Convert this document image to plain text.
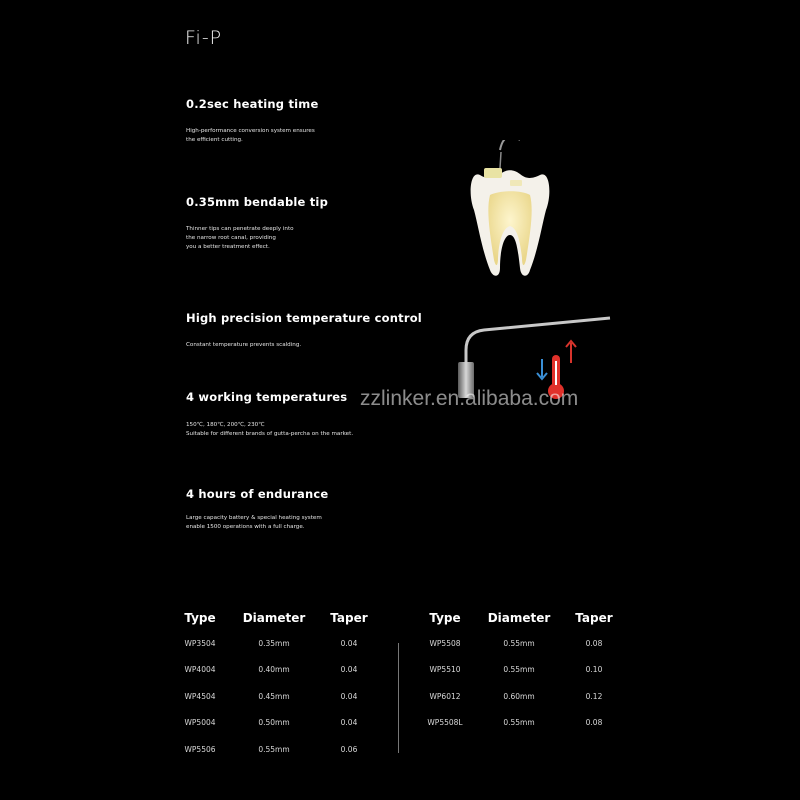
Fi-P
0.2sec heating time
High-performance conversion system ensures
the efficient cutting.
0.35mm bendable tip
Thinner tips can penetrate deeply into
the narrow root canal, providing
you a better treatment effect.
High precision temperature control
Constant temperature prevents scalding.
4 working temperatures
150℃, 180℃, 200℃, 230℃
Suitable for different brands of gutta-percha on the market.
4 hours of endurance
Large capacity battery & special heating system
enable 1500 operations with a full charge.
zzlinker.en.alibaba.com
Type	Diameter	Taper
WP3504	0.35mm	0.04
WP4004	0.40mm	0.04
WP4504	0.45mm	0.04
WP5004	0.50mm	0.04
WP5506	0.55mm	0.06
Type	Diameter	Taper
WP5508	0.55mm	0.08
WP5510	0.55mm	0.10
WP6012	0.60mm	0.12
WP5508L	0.55mm	0.08
